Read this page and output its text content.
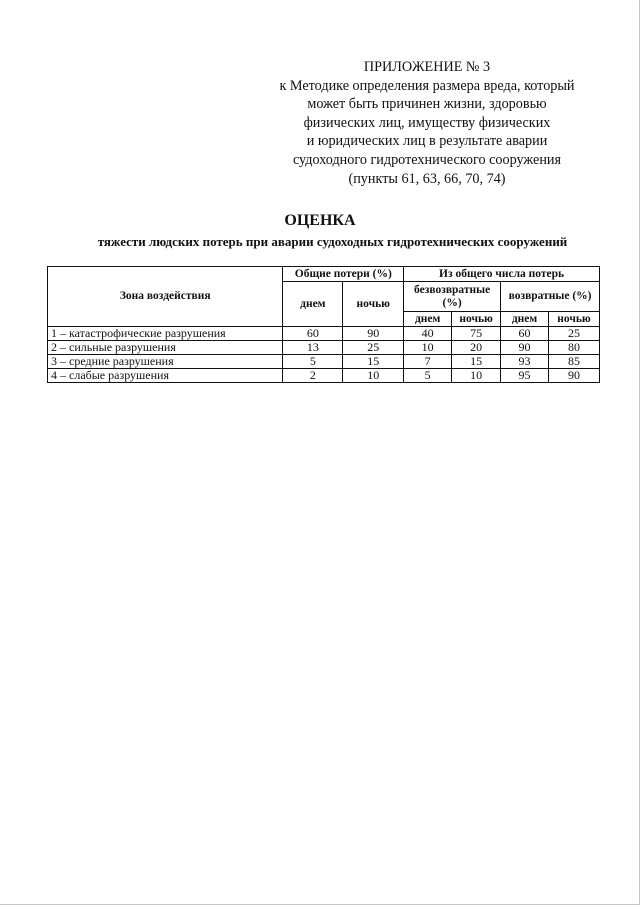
ПРИЛОЖЕНИЕ № 3
к Методике определения размера вреда, который
может быть причинен жизни, здоровью
физических лиц, имуществу физических
и юридических лиц в результате аварии
судоходного гидротехнического сооружения
(пункты 61, 63, 66, 70, 74)
ОЦЕНКА
тяжести людских потерь при аварии судоходных гидротехнических сооружений
Зона воздействия	Общие потери (%)		Из общего числа потерь			
	днем	ночью	безвозвратные (%)		возвратные (%)	
			днем	ночью	днем	ночью
1 – катастрофические разрушения	60	90	40	75	60	25
2 – сильные разрушения	13	25	10	20	90	80
3 – средние разрушения	5	15	7	15	93	85
4 – слабые разрушения	2	10	5	10	95	90
